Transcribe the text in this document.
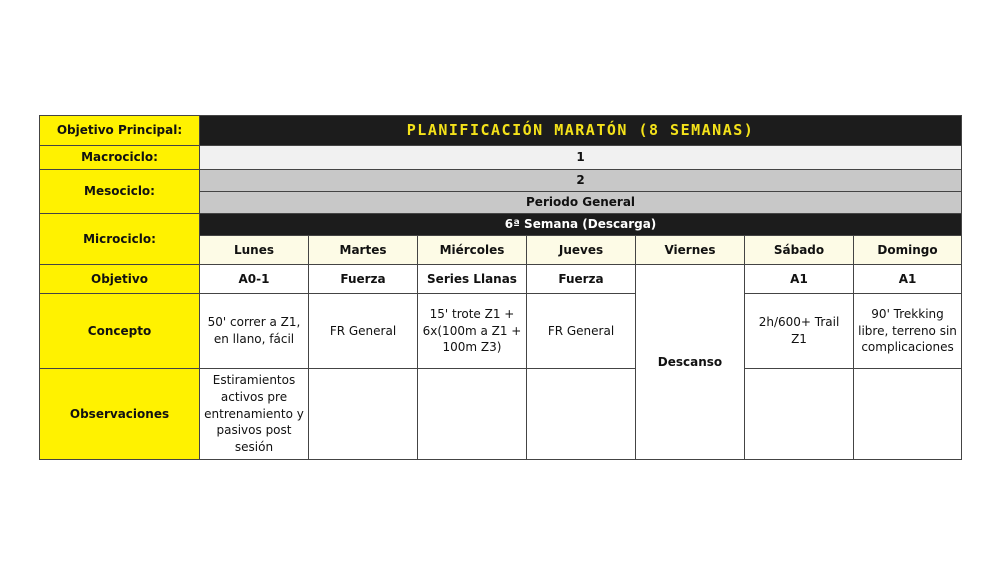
Objetivo Principal:	PLANIFICACIÓN MARATÓN (8 SEMANAS)						
Macrociclo:	1						
Mesociclo:	2						
	Periodo General						
Microciclo:	6ª Semana (Descarga)						
	Lunes	Martes	Miércoles	Jueves	Viernes	Sábado	Domingo
Objetivo	A0-1	Fuerza	Series Llanas	Fuerza	Descanso	A1	A1
Concepto	50' correr a Z1, en llano, fácil	FR General	15' trote Z1 + 6x(100m a Z1 + 100m Z3)	FR General		2h/600+ Trail Z1	90' Trekking libre, terreno sin complicaciones
Observaciones	Estiramientos activos pre entrenamiento y pasivos post sesión						
